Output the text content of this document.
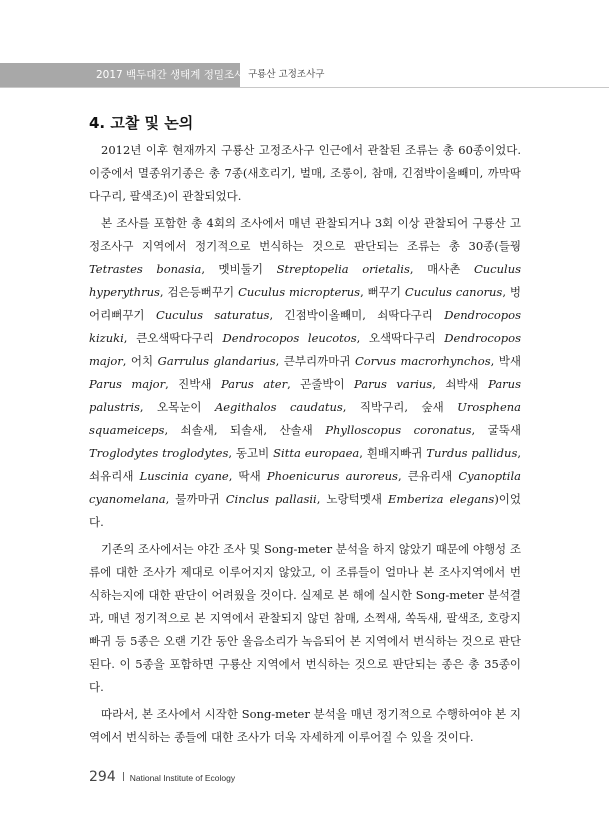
2017 백두대간 생태계 정밀조사 구룡산 고정조사구
4. 고찰 및 논의

2012년 이후 현재까지 구룡산 고정조사구 인근에서 관찰된 조류는 총 60종이었다. 이중에서 멸종위기종은 총 7종(새호리기, 벌매, 조롱이, 참매, 긴점박이올빼미, 까막딱다구리, 팔색조)이 관찰되었다.

본 조사를 포함한 총 4회의 조사에서 매년 관찰되거나 3회 이상 관찰되어 구룡산 고정조사구 지역에서 정기적으로 번식하는 것으로 판단되는 조류는 총 30종(들꿩 Tetrastes bonasia, 멧비둘기 Streptopelia orietalis, 매사촌 Cuculus hyperythrus, 검은등뻐꾸기 Cuculus micropterus, 뻐꾸기 Cuculus canorus, 벙어리뻐꾸기 Cuculus saturatus, 긴점박이올빼미, 쇠딱다구리 Dendrocopos kizuki, 큰오색딱다구리 Dendrocopos leucotos, 오색딱다구리 Dendrocopos major, 어치 Garrulus glandarius, 큰부리까마귀 Corvus macrorhynchos, 박새 Parus major, 진박새 Parus ater, 곤줄박이 Parus varius, 쇠박새 Parus palustris, 오목눈이 Aegithalos caudatus, 직박구리, 숲새 Urosphena squameiceps, 쇠솔새, 되솔새, 산솔새 Phylloscopus coronatus, 굴뚝새 Troglodytes troglodytes, 동고비 Sitta europaea, 흰배지빠귀 Turdus pallidus, 쇠유리새 Luscinia cyane, 딱새 Phoenicurus auroreus, 큰유리새 Cyanoptila cyanomelana, 물까마귀 Cinclus pallasii, 노랑턱멧새 Emberiza elegans)이었다.

기존의 조사에서는 야간 조사 및 Song-meter 분석을 하지 않았기 때문에 야행성 조류에 대한 조사가 제대로 이루어지지 않았고, 이 조류들이 얼마나 본 조사지역에서 번식하는지에 대한 판단이 어려웠을 것이다. 실제로 본 해에 실시한 Song-meter 분석결과, 매년 정기적으로 본 지역에서 관찰되지 않던 참매, 소쩍새, 쏙독새, 팔색조, 호랑지빠귀 등 5종은 오랜 기간 동안 울음소리가 녹음되어 본 지역에서 번식하는 것으로 판단된다. 이 5종을 포함하면 구룡산 지역에서 번식하는 것으로 판단되는 종은 총 35종이다.

따라서, 본 조사에서 시작한 Song-meter 분석을 매년 정기적으로 수행하여야 본 지역에서 번식하는 종들에 대한 조사가 더욱 자세하게 이루어질 수 있을 것이다.

294 National Institute of Ecology
